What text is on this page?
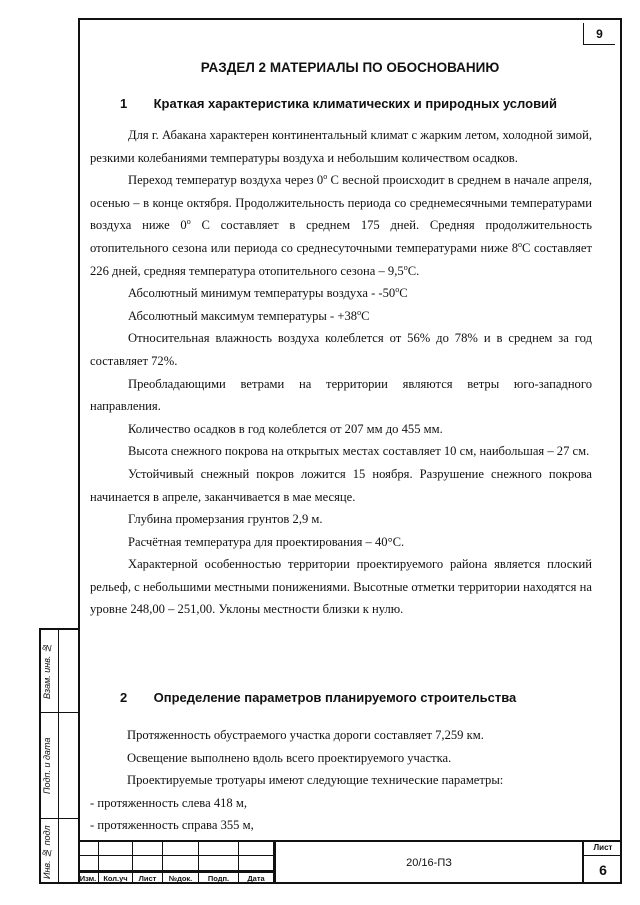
9
РАЗДЕЛ 2 МАТЕРИАЛЫ ПО ОБОСНОВАНИЮ
1 Краткая характеристика климатических и природных условий

Для г. Абакана характерен континентальный климат с жарким летом, холодной зимой, резкими колебаниями температуры воздуха и небольшим количеством осадков.

Переход температур воздуха через $0^о$ С весной происходит в среднем в начале апреля, осенью – в конце октября. Продолжительность периода со среднемесячными температурами воздуха ниже $0^о$ С составляет в среднем 175 дней. Средняя продолжительность отопительного сезона или периода со среднесуточными температурами ниже $8^оС$ составляет 226 дней, средняя температура отопительного сезона – $9,5^оС$.

Абсолютный минимум температуры воздуха - $-50^оС$

Абсолютный максимум температуры - $+38^оС$

Относительная влажность воздуха колеблется от 56% до 78% и в среднем за год составляет 72%.

Преобладающими ветрами на территории являются ветры юго-западного направления.

Количество осадков в год колеблется от 207 мм до 455 мм.

Высота снежного покрова на открытых местах составляет 10 см, наибольшая – 27 см.

Устойчивый снежный покров ложится 15 ноября. Разрушение снежного покрова начинается в апреле, заканчивается в мае месяце.

Глубина промерзания грунтов 2,9 м.

Расчётная температура для проектирования – 40°С.

Характерной особенностью территории проектируемого района является плоский рельеф, с небольшими местными понижениями. Высотные отметки территории находятся на уровне 248,00 – 251,00. Уклоны местности близки к нулю.

2 Определение параметров планируемого строительства

Протяженность обустраемого участка дороги составляет 7,259 км.

Освещение выполнено вдоль всего проектируемого участка.

Проектируемые тротуары имеют следующие технические параметры:

- протяженность слева 418 м,

- протяженность справа 355 м,

Взам. инв. №
Подп. и дата
Инв. № подл	Изм. Кол.уч	Лист	№док.	Подп.	Дата
20/16-ПЗ
Лист
6
